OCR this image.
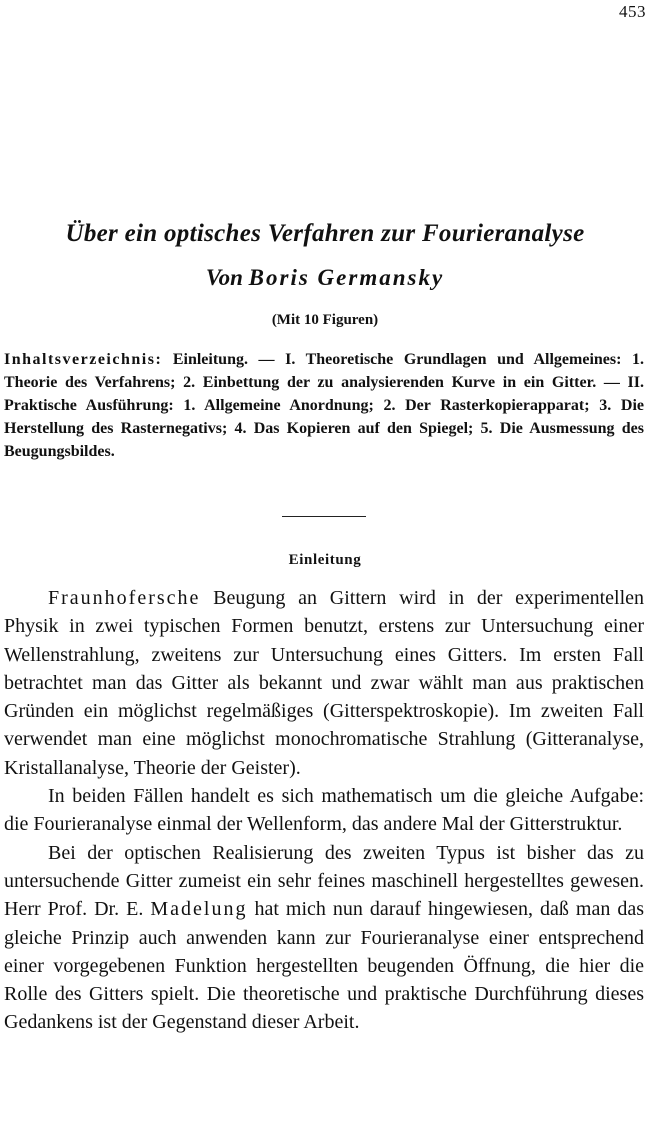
453
Über ein optisches Verfahren zur Fourieranalyse
Von Boris Germansky
(Mit 10 Figuren)
Inhaltsverzeichnis: Einleitung. — I. Theoretische Grundlagen und Allgemeines: 1. Theorie des Verfahrens; 2. Einbettung der zu analysierenden Kurve in ein Gitter. — II. Praktische Ausführung: 1. Allgemeine Anordnung; 2. Der Rasterkopierapparat; 3. Die Herstellung des Rasternegativs; 4. Das Kopieren auf den Spiegel; 5. Die Ausmessung des Beugungsbildes.
Einleitung

Fraunhofersche Beugung an Gittern wird in der experimentellen Physik in zwei typischen Formen benutzt, erstens zur Untersuchung einer Wellenstrahlung, zweitens zur Untersuchung eines Gitters. Im ersten Fall betrachtet man das Gitter als bekannt und zwar wählt man aus praktischen Gründen ein möglichst regelmäßiges (Gitterspektroskopie). Im zweiten Fall verwendet man eine möglichst monochromatische Strahlung (Gitteranalyse, Kristallanalyse, Theorie der Geister).

In beiden Fällen handelt es sich mathematisch um die gleiche Aufgabe: die Fourieranalyse einmal der Wellenform, das andere Mal der Gitterstruktur.

Bei der optischen Realisierung des zweiten Typus ist bisher das zu untersuchende Gitter zumeist ein sehr feines maschinell hergestelltes gewesen. Herr Prof. Dr. E. Madelung hat mich nun darauf hingewiesen, daß man das gleiche Prinzip auch anwenden kann zur Fourieranalyse einer entsprechend einer vorgegebenen Funktion hergestellten beugenden Öffnung, die hier die Rolle des Gitters spielt. Die theoretische und praktische Durchführung dieses Gedankens ist der Gegenstand dieser Arbeit.
